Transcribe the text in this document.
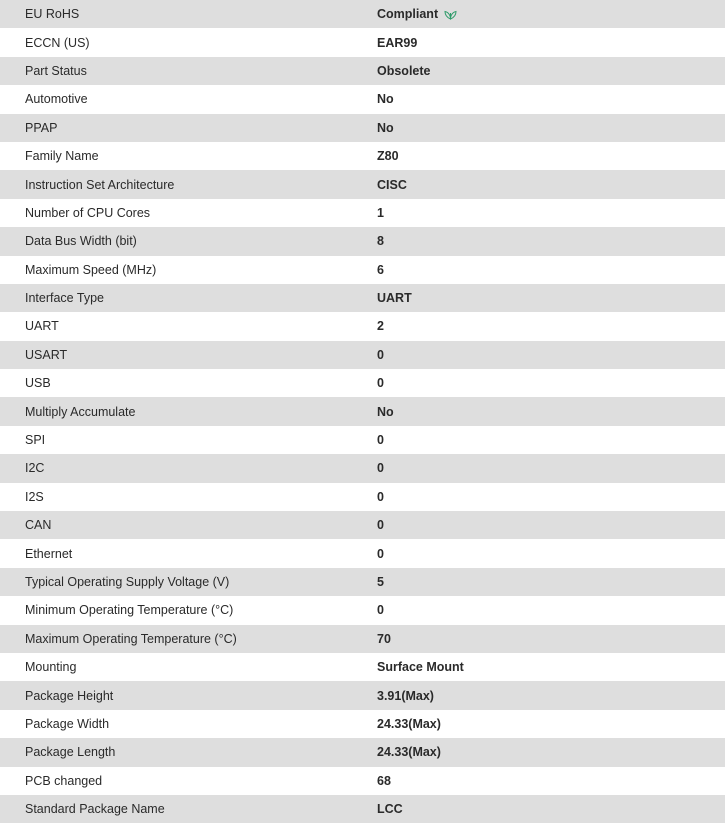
EU RoHS	Compliant
ECCN (US)	EAR99
Part Status	Obsolete
Automotive	No
PPAP	No
Family Name	Z80
Instruction Set Architecture	CISC
Number of CPU Cores	1
Data Bus Width (bit)	8
Maximum Speed (MHz)	6
Interface Type	UART
UART	2
USART	0
USB	0
Multiply Accumulate	No
SPI	0
I2C	0
I2S	0
CAN	0
Ethernet	0
Typical Operating Supply Voltage (V)	5
Minimum Operating Temperature (°C)	0
Maximum Operating Temperature (°C)	70
Mounting	Surface Mount
Package Height	3.91(Max)
Package Width	24.33(Max)
Package Length	24.33(Max)
PCB changed	68
Standard Package Name	LCC
